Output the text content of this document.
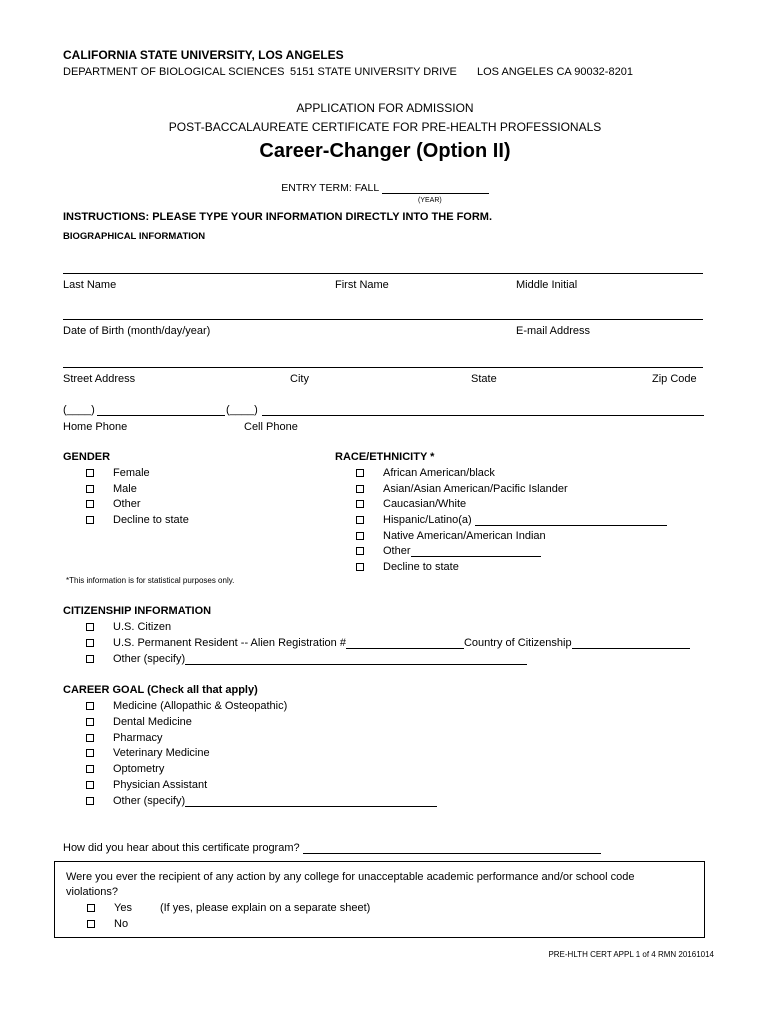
CALIFORNIA STATE UNIVERSITY, LOS ANGELES
DEPARTMENT OF BIOLOGICAL SCIENCES 5151 STATE UNIVERSITY DRIVE LOS ANGELES CA 90032-8201
APPLICATION FOR ADMISSION
POST-BACCALAUREATE CERTIFICATE FOR PRE-HEALTH PROFESSIONALS
Career-Changer (Option II)
ENTRY TERM: FALL
(YEAR)
INSTRUCTIONS: PLEASE TYPE YOUR INFORMATION DIRECTLY INTO THE FORM.
BIOGRAPHICAL INFORMATION
Last Name	First Name	Middle Initial
Date of Birth (month/day/year)	E-mail Address
Street Address	City	State	Zip Code
(____)	(____)
Home Phone	Cell Phone
GENDER
Female
Male
Other
Decline to state
RACE/ETHNICITY *
African American/black
Asian/Asian American/Pacific Islander
Caucasian/White
Hispanic/Latino(a)

Native American/American Indian
Other
Decline to state
*This information is for statistical purposes only.
CITIZENSHIP INFORMATION
U.S. Citizen
U.S. Permanent Resident -- Alien Registration #	Country of Citizenship
Other (specify)
CAREER GOAL (Check all that apply)
Medicine (Allopathic & Osteopathic)
Dental Medicine
Pharmacy
Veterinary Medicine
Optometry
Physician Assistant
Other (specify)
How did you hear about this certificate program?

Were you ever the recipient of any action by any college for unacceptable academic performance and/or school code
violations?
Yes	(If yes, please explain on a separate sheet)
No
PRE-HLTH CERT APPL 1 of 4 RMN 20161014
